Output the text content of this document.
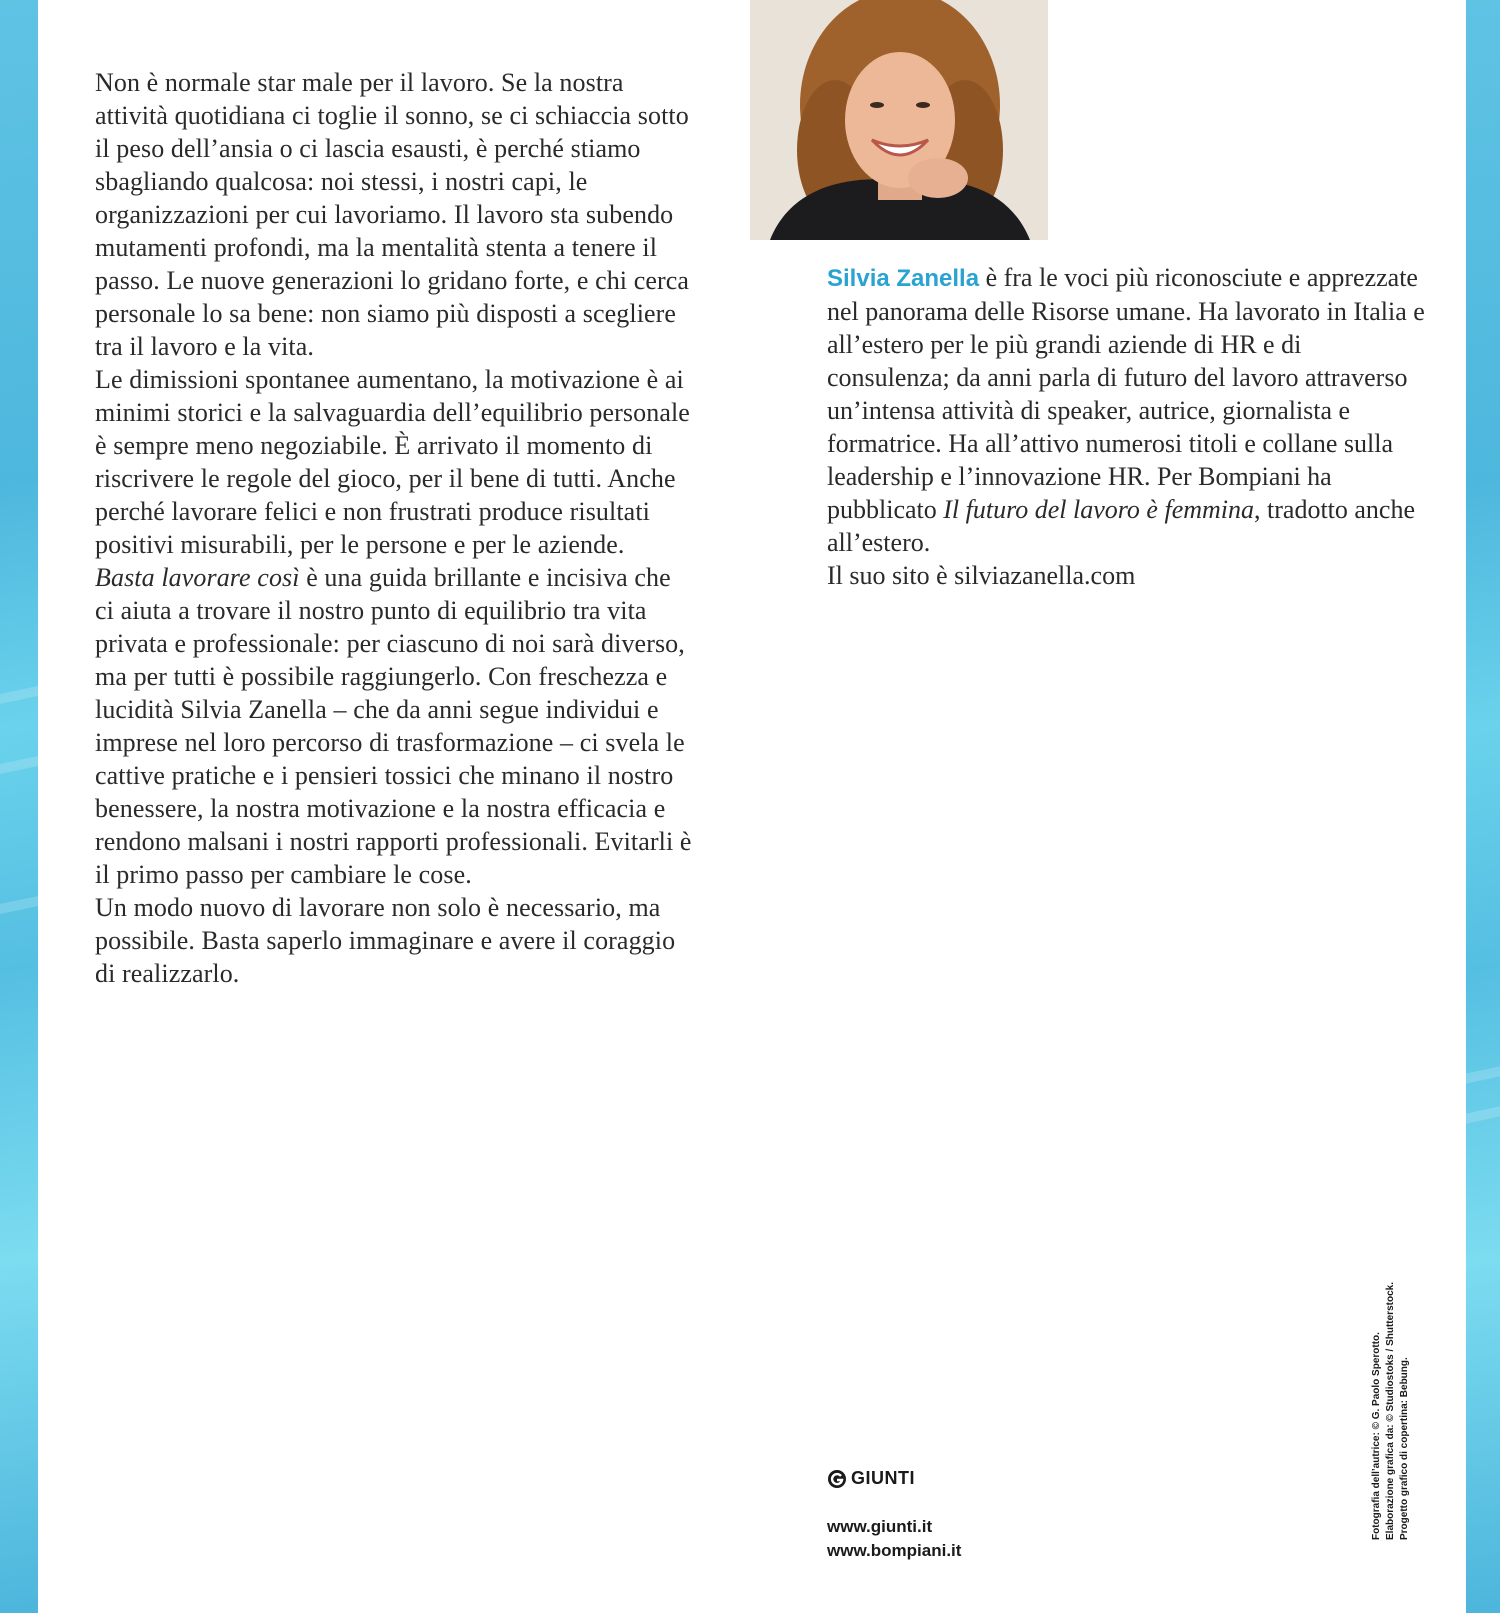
Non è normale star male per il lavoro. Se la nostra attività quotidiana ci toglie il sonno, se ci schiaccia sotto il peso dell’ansia o ci lascia esausti, è perché stiamo sbagliando qualcosa: noi stessi, i nostri capi, le organizzazioni per cui lavoriamo. Il lavoro sta subendo mutamenti profondi, ma la mentalità stenta a tenere il passo. Le nuove generazioni lo gridano forte, e chi cerca personale lo sa bene: non siamo più disposti a scegliere tra il lavoro e la vita.

Le dimissioni spontanee aumentano, la motivazione è ai minimi storici e la salvaguardia dell’equilibrio personale è sempre meno negoziabile. È arrivato il momento di riscrivere le regole del gioco, per il bene di tutti. Anche perché lavorare felici e non frustrati produce risultati positivi misurabili, per le persone e per le aziende.

Basta lavorare così è una guida brillante e incisiva che ci aiuta a trovare il nostro punto di equilibrio tra vita privata e professionale: per ciascuno di noi sarà diverso, ma per tutti è possibile raggiungerlo. Con freschezza e lucidità Silvia Zanella – che da anni segue individui e imprese nel loro percorso di trasformazione – ci svela le cattive pratiche e i pensieri tossici che minano il nostro benessere, la nostra motivazione e la nostra efficacia e rendono malsani i nostri rapporti professionali. Evitarli è il primo passo per cambiare le cose.

Un modo nuovo di lavorare non solo è necessario, ma possibile. Basta saperlo immaginare e avere il coraggio di realizzarlo.

Silvia Zanella è fra le voci più riconosciute e apprezzate nel panorama delle Risorse umane. Ha lavorato in Italia e all’estero per le più grandi aziende di HR e di consulenza; da anni parla di futuro del lavoro attraverso un’intensa attività di speaker, autrice, giornalista e formatrice. Ha all’attivo numerosi titoli e collane sulla leadership e l’innovazione HR. Per Bompiani ha pubblicato Il futuro del lavoro è femmina, tradotto anche all’estero.

Il suo sito è silviazanella.com

GIUNTI
www.giunti.it
www.bompiani.it
Fotografia dell’autrice: © G. Paolo Sperotto. Elaborazione grafica da: © Studiostoks / Shutterstock. Progetto grafico di copertina: Bebung.
